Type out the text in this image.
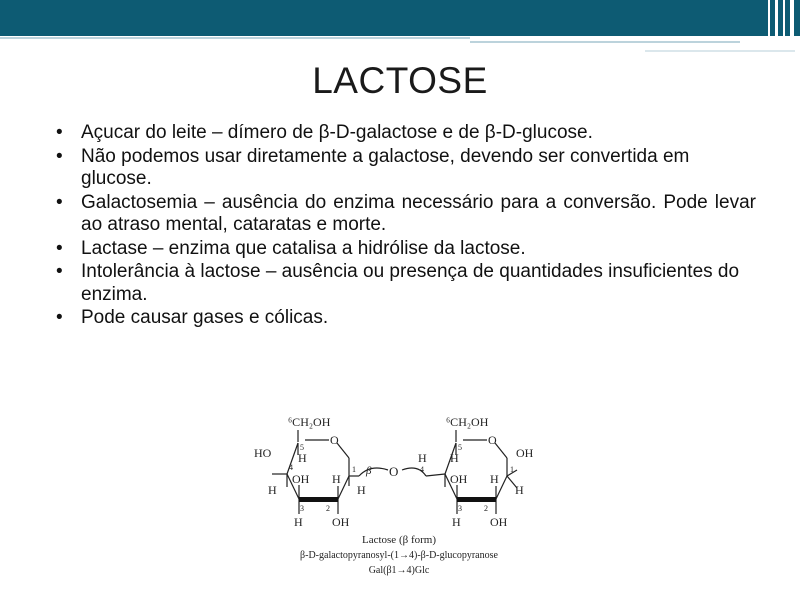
LACTOSE
• Açucar do leite – dímero de β-D-galactose e de β-D-glucose.
• Não podemos usar diretamente a galactose, devendo ser convertida em glucose.
• Galactosemia – ausência do enzima necessário para a conversão. Pode levar ao atraso mental, cataratas e morte.
• Lactase – enzima que catalisa a hidrólise da lactose.
• Intolerância à lactose – ausência ou presença de quantidades insuficientes do enzima.
• Pode causar gases e cólicas.
⁶CH₂OH
O
H
5
HO
4
H
OH
3
H
H
2
OH
H
1 β O
⁶CH₂OH
O
H
5
H
4
OH
3
H
H
2
OH
1
OH
H
Lactose (β form)
β-D-galactopyranosyl-(1→4)-β-D-glucopyranose
Gal(β1→4)Glc
